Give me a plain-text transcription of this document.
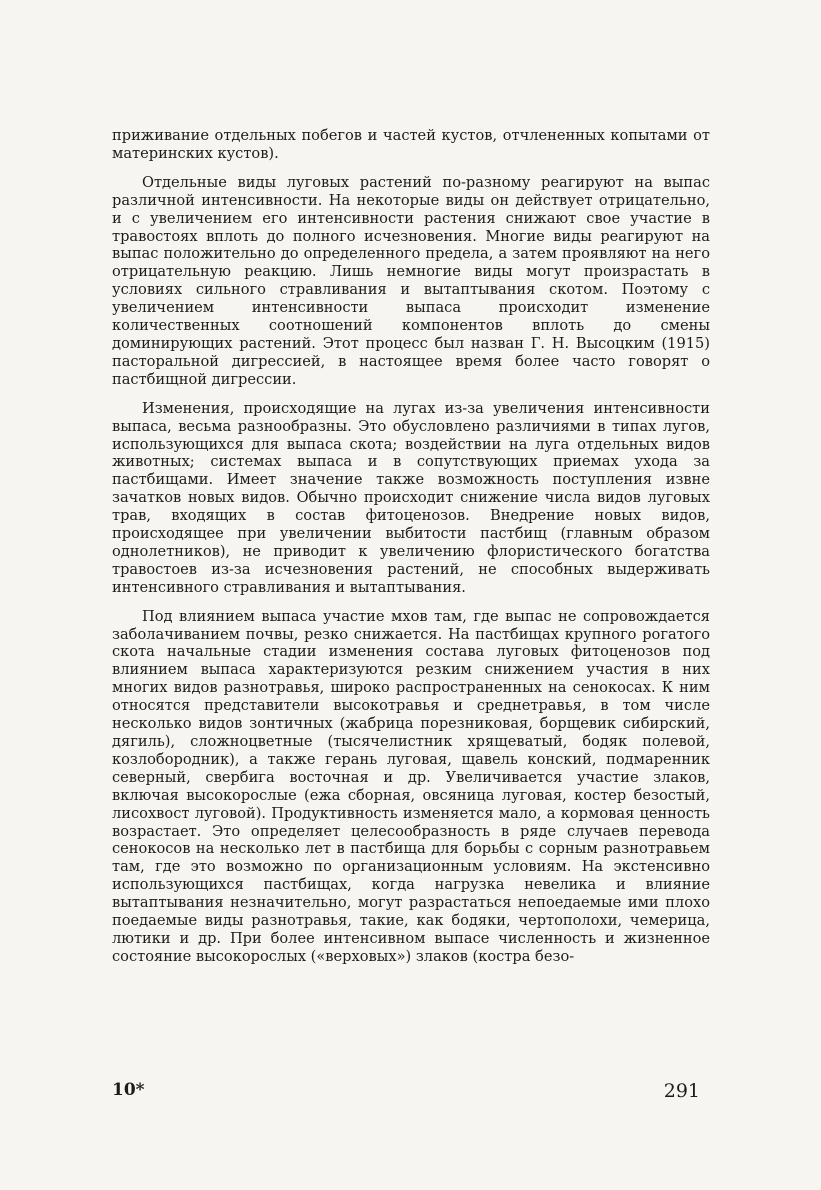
приживание отдельных побегов и частей кустов, отчлененных копытами от материнских кустов).

Отдельные виды луговых растений по-разному реагируют на выпас различной интенсивности. На некоторые виды он действует отрицательно, и с увеличением его интенсивности растения снижают свое участие в травостоях вплоть до полного исчезновения. Многие виды реагируют на выпас положительно до определенного предела, а затем проявляют на него отрицательную реакцию. Лишь немногие виды могут произрастать в условиях сильного стравливания и вытаптывания скотом. Поэтому с увеличением интенсивности выпаса происходит изменение количественных соотношений компонентов вплоть до смены доминирующих растений. Этот процесс был назван Г. Н. Высоцким (1915) пасторальной дигрессией, в настоящее время более часто говорят о пастбищной дигрессии.

Изменения, происходящие на лугах из-за увеличения интенсивности выпаса, весьма разнообразны. Это обусловлено различиями в типах лугов, использующихся для выпаса скота; воздействии на луга отдельных видов животных; системах выпаса и в сопутствующих приемах ухода за пастбищами. Имеет значение также возможность поступления извне зачатков новых видов. Обычно происходит снижение числа видов луговых трав, входящих в состав фитоценозов. Внедрение новых видов, происходящее при увеличении выбитости пастбищ (главным образом однолетников), не приводит к увеличению флористического богатства травостоев из-за исчезновения растений, не способных выдерживать интенсивного стравливания и вытаптывания.

Под влиянием выпаса участие мхов там, где выпас не сопровождается заболачиванием почвы, резко снижается. На пастбищах крупного рогатого скота начальные стадии изменения состава луговых фитоценозов под влиянием выпаса характеризуются резким снижением участия в них многих видов разнотравья, широко распространенных на сенокосах. К ним относятся представители высокотравья и среднетравья, в том числе несколько видов зонтичных (жабрица порезниковая, борщевик сибирский, дягиль), сложноцветные (тысячелистник хрящеватый, бодяк полевой, козлобородник), а также герань луговая, щавель конский, подмаренник северный, свербига восточная и др. Увеличивается участие злаков, включая высокорослые (ежа сборная, овсяница луговая, костер безостый, лисохвост луговой). Продуктивность изменяется мало, а кормовая ценность возрастает. Это определяет целесообразность в ряде случаев перевода сенокосов на несколько лет в пастбища для борьбы с сорным разнотравьем там, где это возможно по организационным условиям. На экстенсивно использующихся пастбищах, когда нагрузка невелика и влияние вытаптывания незначительно, могут разрастаться непоедаемые ими плохо поедаемые виды разнотравья, такие, как бодяки, чертополохи, чемерица, лютики и др. При более интенсивном выпасе численность и жизненное состояние высокорослых («верховых») злаков (костра безо-

10*	291
